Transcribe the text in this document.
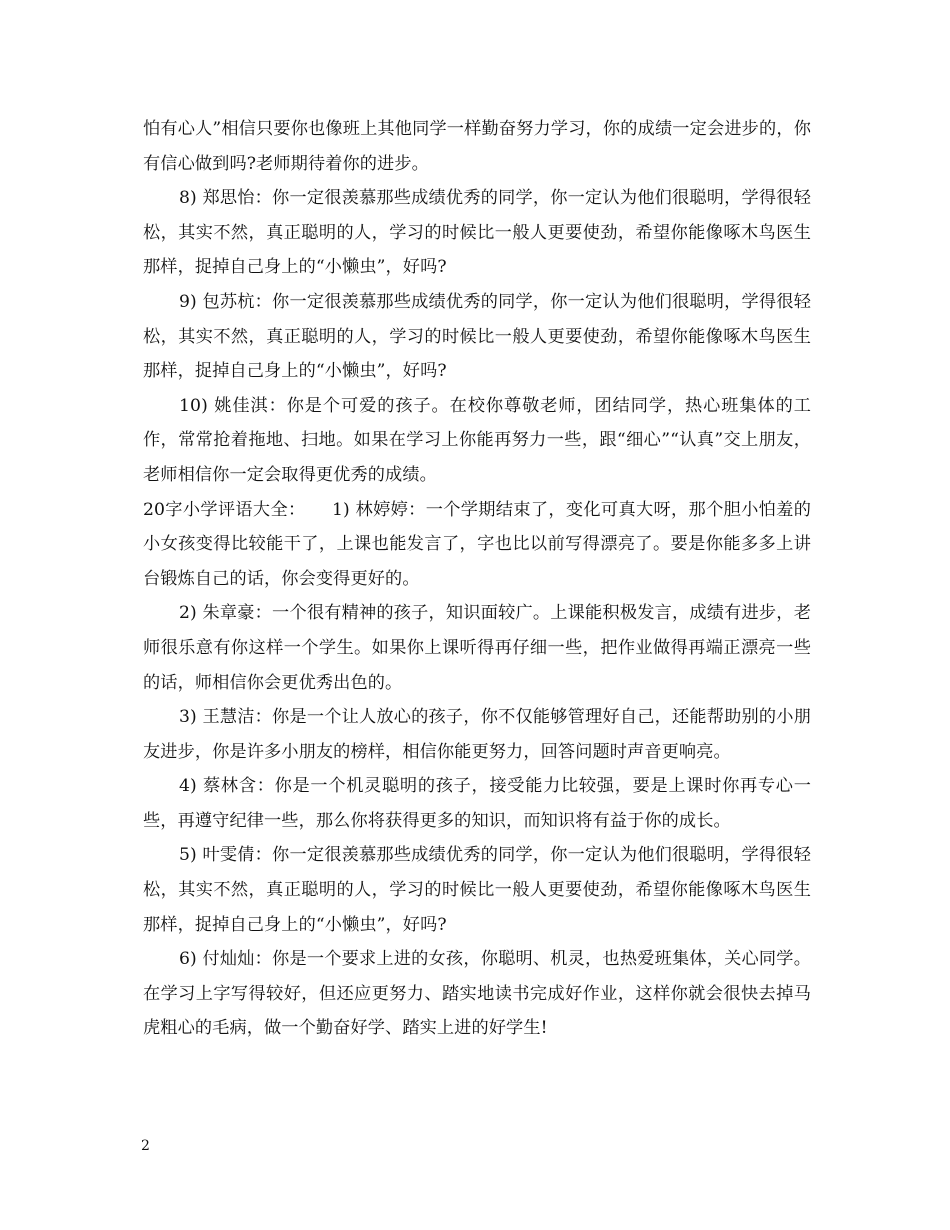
怕有心人”相信只要你也像班上其他同学一样勤奋努力学习，你的成绩一定会进步的，你有信心做到吗?老师期待着你的进步。

8) 郑思怡：你一定很羡慕那些成绩优秀的同学，你一定认为他们很聪明，学得很轻松，其实不然，真正聪明的人，学习的时候比一般人更要使劲，希望你能像啄木鸟医生那样，捉掉自己身上的“小懒虫”，好吗?

9) 包苏杭：你一定很羡慕那些成绩优秀的同学，你一定认为他们很聪明，学得很轻松，其实不然，真正聪明的人，学习的时候比一般人更要使劲，希望你能像啄木鸟医生那样，捉掉自己身上的“小懒虫”，好吗?

10) 姚佳淇：你是个可爱的孩子。在校你尊敬老师，团结同学，热心班集体的工作，常常抢着拖地、扫地。如果在学习上你能再努力一些，跟“细心”“认真”交上朋友，老师相信你一定会取得更优秀的成绩。

20字小学评语大全：　　1) 林婷婷：一个学期结束了，变化可真大呀，那个胆小怕羞的小女孩变得比较能干了，上课也能发言了，字也比以前写得漂亮了。要是你能多多上讲台锻炼自己的话，你会变得更好的。

2) 朱章豪：一个很有精神的孩子，知识面较广。上课能积极发言，成绩有进步，老师很乐意有你这样一个学生。如果你上课听得再仔细一些，把作业做得再端正漂亮一些的话，师相信你会更优秀出色的。

3) 王慧洁：你是一个让人放心的孩子，你不仅能够管理好自己，还能帮助别的小朋友进步，你是许多小朋友的榜样，相信你能更努力，回答问题时声音更响亮。

4) 蔡林含：你是一个机灵聪明的孩子，接受能力比较强，要是上课时你再专心一些，再遵守纪律一些，那么你将获得更多的知识，而知识将有益于你的成长。

5) 叶雯倩：你一定很羡慕那些成绩优秀的同学，你一定认为他们很聪明，学得很轻松，其实不然，真正聪明的人，学习的时候比一般人更要使劲，希望你能像啄木鸟医生那样，捉掉自己身上的“小懒虫”，好吗?

6) 付灿灿：你是一个要求上进的女孩，你聪明、机灵，也热爱班集体，关心同学。在学习上字写得较好，但还应更努力、踏实地读书完成好作业，这样你就会很快去掉马虎粗心的毛病，做一个勤奋好学、踏实上进的好学生!

2
